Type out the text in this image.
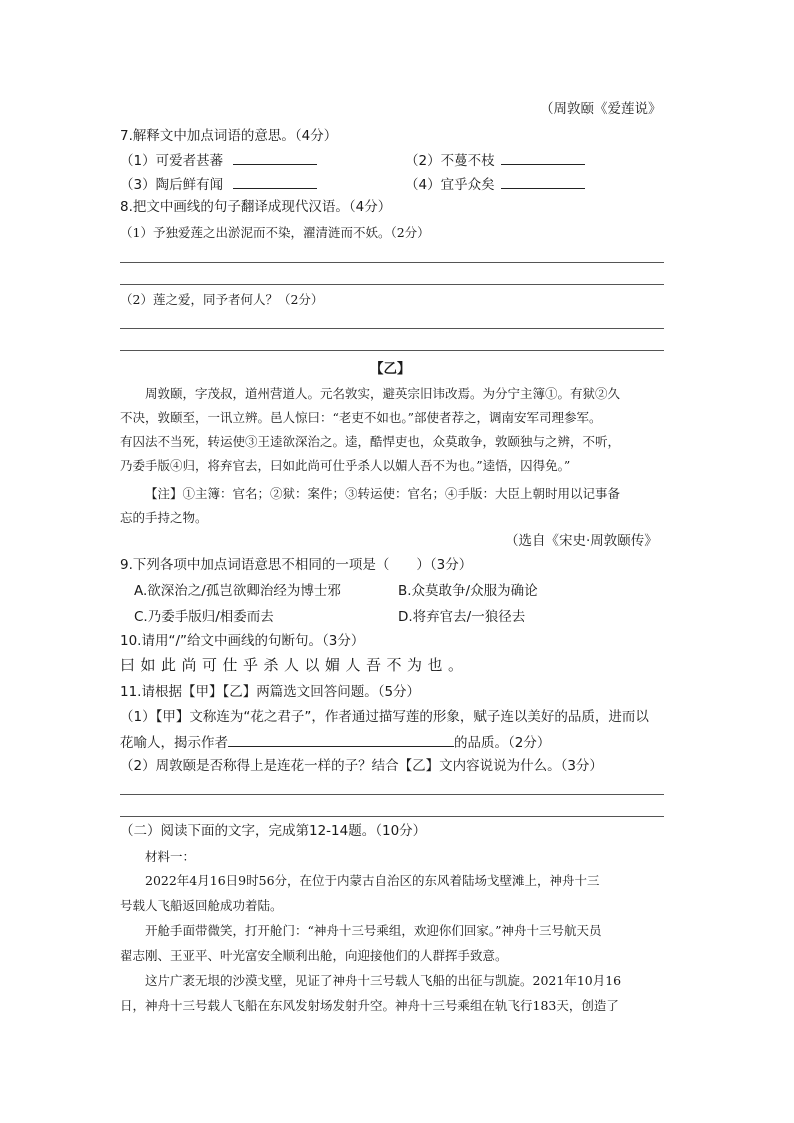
（周敦颐《爱莲说》
7.解释文中加点词语的意思。（4分）
（1）可爱者甚蕃	（2）不蔓不枝
（3）陶后鲜有闻	（4）宜乎众矣
8.把文中画线的句子翻译成现代汉语。（4分）
（1）予独爱莲之出淤泥而不染，濯清涟而不妖。（2分）
（2）莲之爱，同予者何人？（2分）
【乙】
周敦颐，字茂叔，道州营道人。元名敦实，避英宗旧讳改焉。为分宁主簿①。有狱②久
不决，敦颐至，一讯立辨。邑人惊曰：“老吏不如也。”部使者荐之，调南安军司理参军。
有囚法不当死，转运使③王逵欲深治之。逵，酷悍吏也，众莫敢争，敦颐独与之辨，不听，
乃委手版④归，将弃官去，曰如此尚可仕乎杀人以媚人吾不为也。”逵悟，囚得免。”
【注】①主簿：官名；②狱：案件；③转运使：官名；④手版：大臣上朝时用以记事备
忘的手持之物。
（选自《宋史·周敦颐传》
9.下列各项中加点词语意思不相同的一项是（　　）（3分）
A.欲深治之/孤岂欲卿治经为博士邪	B.众莫敢争/众服为确论
C.乃委手版归/相委而去	D.将弃官去/一狼径去
10.请用“/”给文中画线的句断句。（3分）
曰如此尚可仕乎杀人以媚人吾不为也。
11.请根据【甲】【乙】两篇选文回答问题。（5分）
（1）【甲】文称连为“花之君子”，作者通过描写莲的形象，赋子连以美好的品质，进而以
花喻人，揭示作者	的品质。（2分）
（2）周敦颐是否称得上是连花一样的子？结合【乙】文内容说说为什么。（3分）
（二）阅读下面的文字，完成第12-14题。（10分）
材料一：
2022年4月16日9时56分，在位于内蒙古自治区的东风着陆场戈壁滩上，神舟十三
号载人飞船返回舱成功着陆。
开舱手面带微笑，打开舱门：“神舟十三号乘组，欢迎你们回家。”神舟十三号航天员
翟志刚、王亚平、叶光富安全顺利出舱，向迎接他们的人群挥手致意。
这片广袤无垠的沙漠戈壁，见证了神舟十三号载人飞船的出征与凯旋。2021年10月16
日，神舟十三号载人飞船在东风发射场发射升空。神舟十三号乘组在轨飞行183天，创造了
